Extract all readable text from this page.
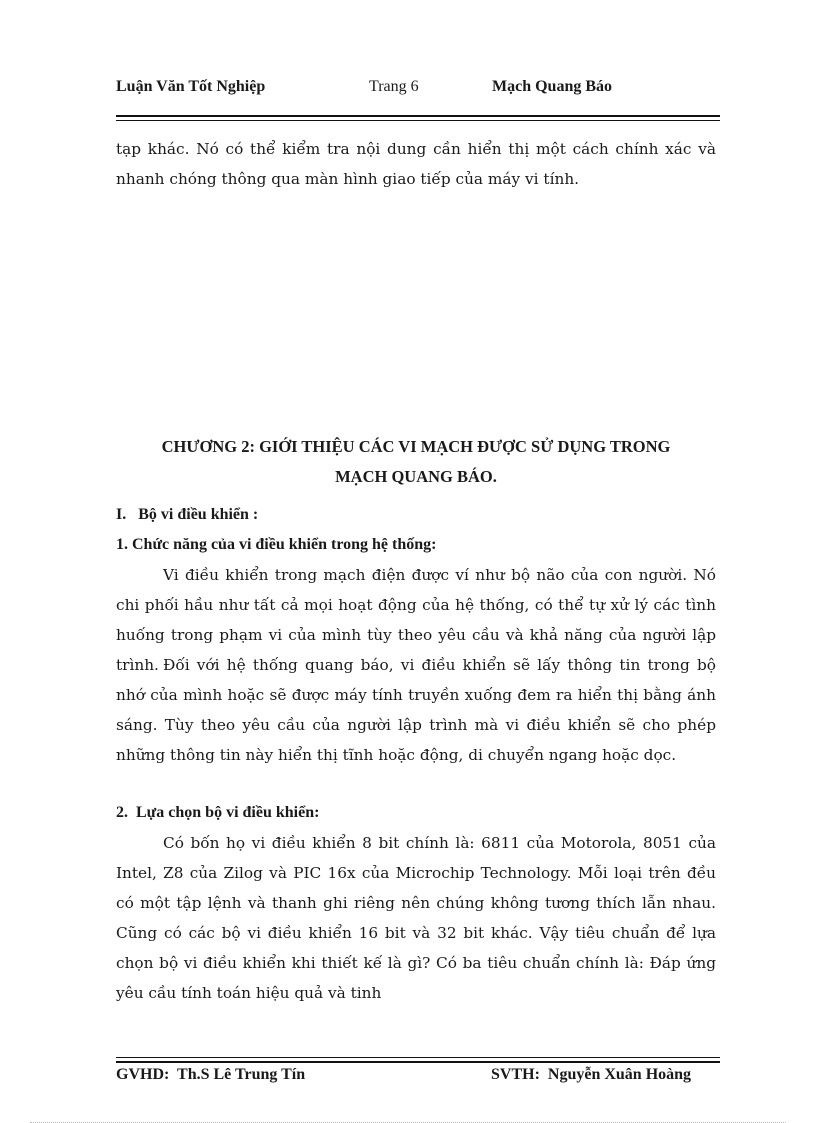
Luận Văn Tốt Nghiệp	Trang 6	Mạch Quang Báo
tạp khác. Nó có thể kiểm tra nội dung cần hiển thị một cách chính xác và nhanh chóng thông qua màn hình giao tiếp của máy vi tính.
CHƯƠNG 2: GIỚI THIỆU CÁC VI MẠCH ĐƯỢC SỬ DỤNG TRONG
MẠCH QUANG BÁO.
I.   Bộ vi điều khiển :
1. Chức năng của vi điều khiển trong hệ thống:
Vi điều khiển trong mạch điện được ví như bộ não của con người. Nó chi phối hầu như tất cả mọi hoạt động của hệ thống, có thể tự xử lý các tình huống trong phạm vi của mình tùy theo yêu cầu và khả năng của người lập trình. Đối với hệ thống quang báo, vi điều khiển sẽ lấy thông tin trong bộ nhớ của mình hoặc sẽ được máy tính truyền xuống đem ra hiển thị bằng ánh sáng. Tùy theo yêu cầu của người lập trình mà vi điều khiển sẽ cho phép những thông tin này hiển thị tĩnh hoặc động, di chuyển ngang hoặc dọc.
2.  Lựa chọn bộ vi điều khiển:
Có bốn họ vi điều khiển 8 bit chính là: 6811 của Motorola, 8051 của Intel, Z8 của Zilog và PIC 16x của Microchip Technology. Mỗi loại trên đều có một tập lệnh và thanh ghi riêng nên chúng không tương thích lẫn nhau. Cũng có các bộ vi điều khiển 16 bit và 32 bit khác. Vậy tiêu chuẩn để lựa chọn bộ vi điều khiển khi thiết kế là gì? Có ba tiêu chuẩn chính là: Đáp ứng yêu cầu tính toán hiệu quả và tinh
GVHD:  Th.S Lê Trung Tín	SVTH:  Nguyễn Xuân Hoàng
